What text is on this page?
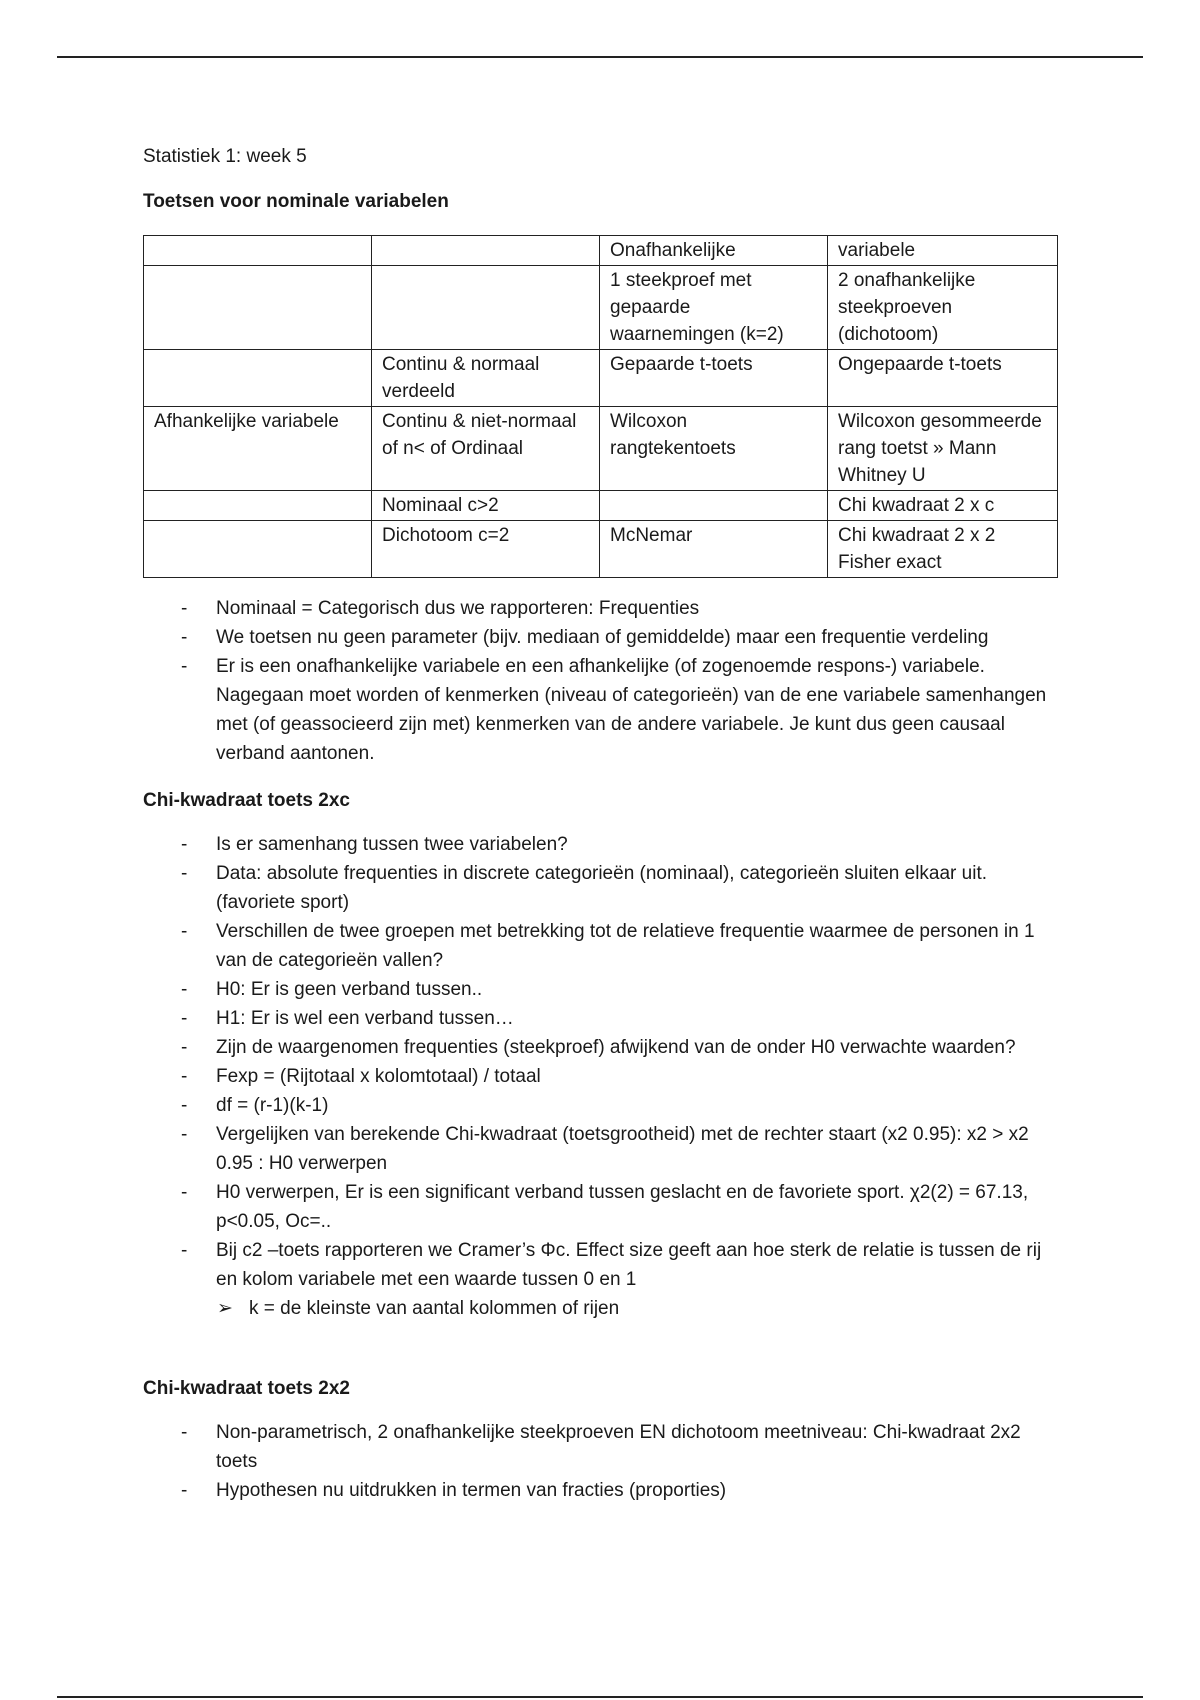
Statistiek 1: week 5
Toetsen voor nominale variabelen
		Onafhankelijke	variabele
		1 steekproef met gepaarde waarnemingen (k=2)	2 onafhankelijke steekproeven (dichotoom)
	Continu & normaal verdeeld	Gepaarde t-toets	Ongepaarde t-toets
Afhankelijke variabele	Continu & niet-normaal of n< of Ordinaal	Wilcoxon rangtekentoets	Wilcoxon gesommeerde rang toetst » Mann Whitney U
	Nominaal c>2		Chi kwadraat 2 x c
	Dichotoom c=2	McNemar	Chi kwadraat 2 x 2 Fisher exact
- Nominaal = Categorisch dus we rapporteren: Frequenties
- We toetsen nu geen parameter (bijv. mediaan of gemiddelde) maar een frequentie verdeling
- Er is een onafhankelijke variabele en een afhankelijke (of zogenoemde respons-) variabele. Nagegaan moet worden of kenmerken (niveau of categorieën) van de ene variabele samenhangen met (of geassocieerd zijn met) kenmerken van de andere variabele. Je kunt dus geen causaal verband aantonen.
Chi-kwadraat toets 2xc
- Is er samenhang tussen twee variabelen?
- Data: absolute frequenties in discrete categorieën (nominaal), categorieën sluiten elkaar uit. (favoriete sport)
- Verschillen de twee groepen met betrekking tot de relatieve frequentie waarmee de personen in 1 van de categorieën vallen?
- H0: Er is geen verband tussen..
- H1: Er is wel een verband tussen…
- Zijn de waargenomen frequenties (steekproef) afwijkend van de onder H0 verwachte waarden?
- Fexp = (Rijtotaal x kolomtotaal) / totaal
- df = (r-1)(k-1)
- Vergelijken van berekende Chi-kwadraat (toetsgrootheid) met de rechter staart (x2 0.95): x2 > x2 0.95 : H0 verwerpen
- H0 verwerpen, Er is een significant verband tussen geslacht en de favoriete sport. χ2(2) = 67.13, p<0.05, Oc=..
- Bij c2 –toets rapporteren we Cramer’s Φc. Effect size geeft aan hoe sterk de relatie is tussen de rij en kolom variabele met een waarde tussen 0 en 1
➢ k = de kleinste van aantal kolommen of rijen
Chi-kwadraat toets 2x2
- Non-parametrisch, 2 onafhankelijke steekproeven EN dichotoom meetniveau: Chi-kwadraat 2x2 toets
- Hypothesen nu uitdrukken in termen van fracties (proporties)
